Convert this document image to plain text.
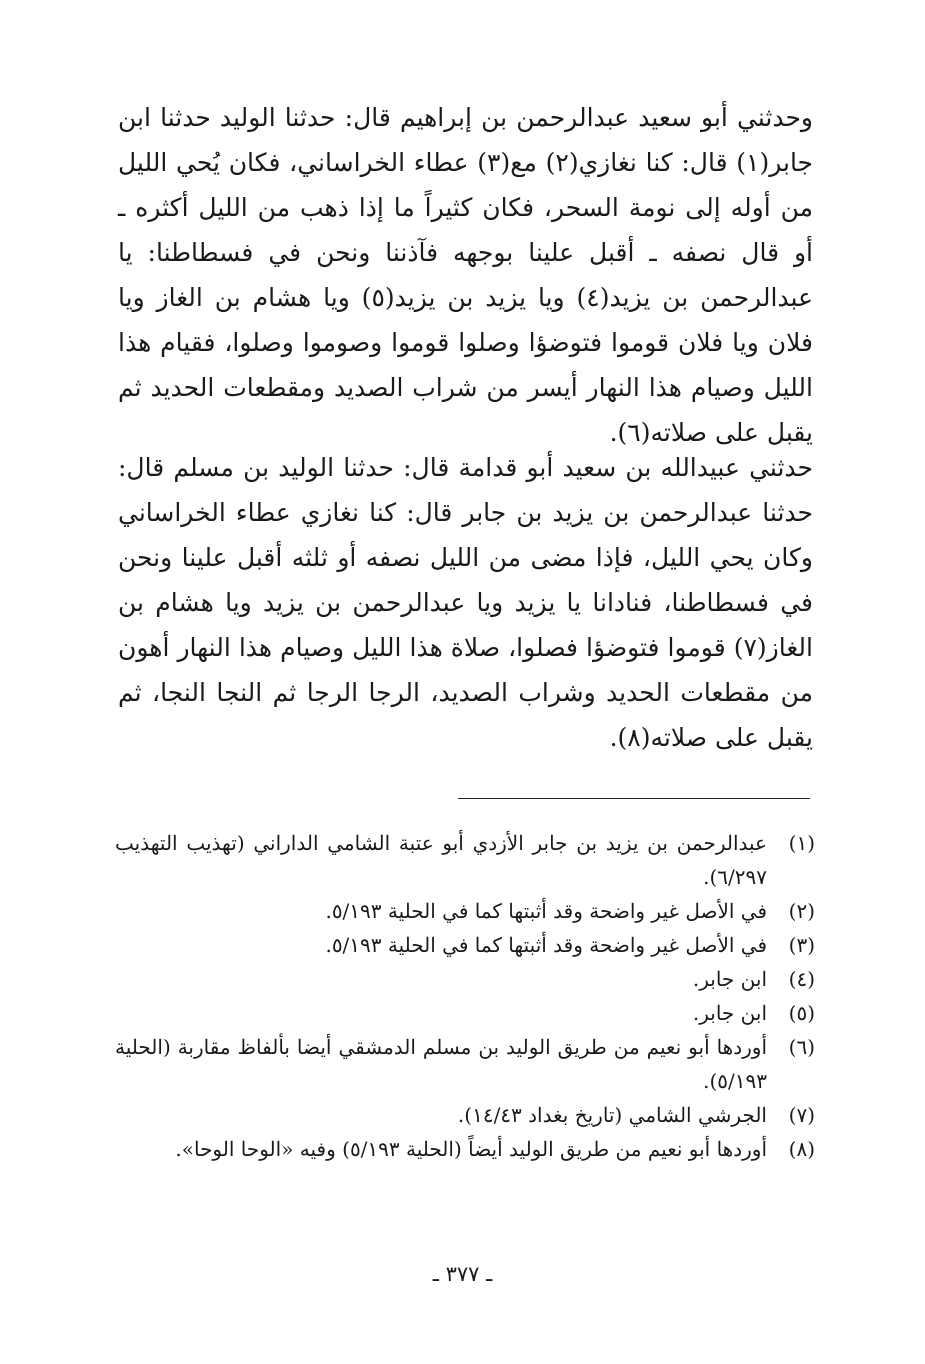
وحدثني أبو سعيد عبدالرحمن بن إبراهيم قال: حدثنا الوليد حدثنا ابن جابر(١) قال: كنا نغازي(٢) مع(٣) عطاء الخراساني، فكان يُحي الليل من أوله إلى نومة السحر، فكان كثيراً ما إذا ذهب من الليل أكثره ـ أو قال نصفه ـ أقبل علينا بوجهه فآذننا ونحن في فسطاطنا: يا عبدالرحمن بن يزيد(٤) ويا يزيد بن يزيد(٥) ويا هشام بن الغاز ويا فلان ويا فلان قوموا فتوضؤا وصلوا قوموا وصوموا وصلوا، فقيام هذا الليل وصيام هذا النهار أيسر من شراب الصديد ومقطعات الحديد ثم يقبل على صلاته(٦).

حدثني عبيدالله بن سعيد أبو قدامة قال: حدثنا الوليد بن مسلم قال: حدثنا عبدالرحمن بن يزيد بن جابر قال: كنا نغازي عطاء الخراساني وكان يحي الليل، فإذا مضى من الليل نصفه أو ثلثه أقبل علينا ونحن في فسطاطنا، فنادانا يا يزيد ويا عبدالرحمن بن يزيد ويا هشام بن الغاز(٧) قوموا فتوضؤا فصلوا، صلاة هذا الليل وصيام هذا النهار أهون من مقطعات الحديد وشراب الصديد، الرجا الرجا ثم النجا النجا، ثم يقبل على صلاته(٨).

(١)
عبدالرحمن بن يزيد بن جابر الأزدي أبو عتبة الشامي الداراني (تهذيب التهذيب ٦/٢٩٧).
(٢)
في الأصل غير واضحة وقد أثبتها كما في الحلية ٥/١٩٣.
(٣)
في الأصل غير واضحة وقد أثبتها كما في الحلية ٥/١٩٣.
(٤)
ابن جابر.
(٥)
ابن جابر.
(٦)
أوردها أبو نعيم من طريق الوليد بن مسلم الدمشقي أيضا بألفاظ مقاربة (الحلية ٥/١٩٣).
(٧)
الجرشي الشامي (تاريخ بغداد ١٤/٤٣).
(٨)
أوردها أبو نعيم من طريق الوليد أيضاً (الحلية ٥/١٩٣) وفيه «الوحا الوحا».
ـ ٣٧٧ ـ
